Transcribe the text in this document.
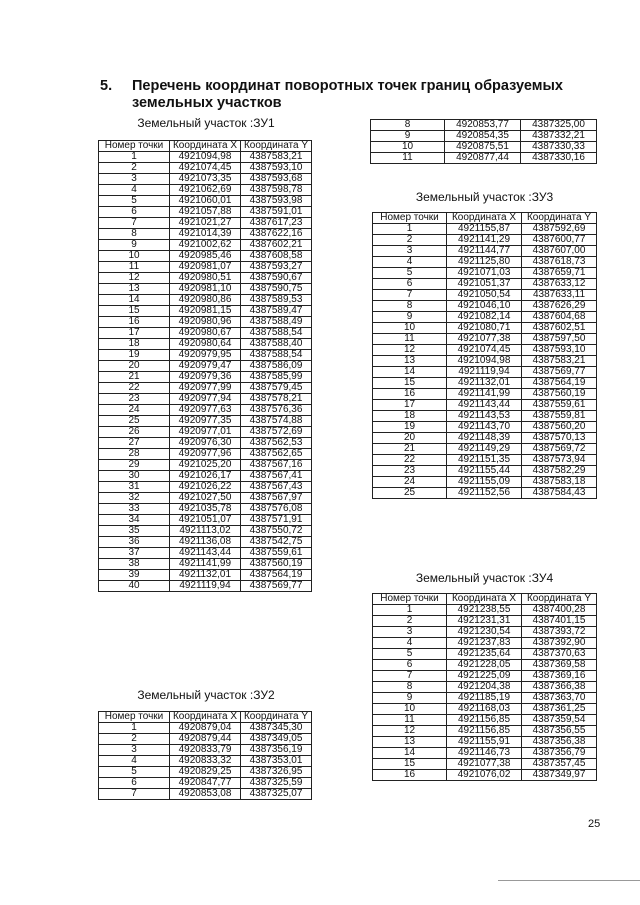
5. Перечень координат поворотных точек границ образуемых
земельных участков
Земельный участок :ЗУ1
Номер точки	Координата X	Координата Y
1	4921094,98	4387583,21
2	4921074,45	4387593,10
3	4921073,35	4387593,68
4	4921062,69	4387598,78
5	4921060,01	4387593,98
6	4921057,88	4387591,01
7	4921021,27	4387617,23
8	4921014,39	4387622,16
9	4921002,62	4387602,21
10	4920985,46	4387608,58
11	4920981,07	4387593,27
12	4920980,51	4387590,67
13	4920981,10	4387590,75
14	4920980,86	4387589,53
15	4920981,15	4387589,47
16	4920980,96	4387588,49
17	4920980,67	4387588,54
18	4920980,64	4387588,40
19	4920979,95	4387588,54
20	4920979,47	4387586,09
21	4920979,36	4387585,99
22	4920977,99	4387579,45
23	4920977,94	4387578,21
24	4920977,63	4387576,36
25	4920977,35	4387574,88
26	4920977,01	4387572,69
27	4920976,30	4387562,53
28	4920977,96	4387562,65
29	4921025,20	4387567,16
30	4921026,17	4387567,41
31	4921026,22	4387567,43
32	4921027,50	4387567,97
33	4921035,78	4387576,08
34	4921051,07	4387571,91
35	4921113,02	4387550,72
36	4921136,08	4387542,75
37	4921143,44	4387559,61
38	4921141,99	4387560,19
39	4921132,01	4387564,19
40	4921119,94	4387569,77
Земельный участок :ЗУ2
Номер точки	Координата X	Координата Y
1	4920879,04	4387345,30
2	4920879,44	4387349,05
3	4920833,79	4387356,19
4	4920833,32	4387353,01
5	4920829,25	4387326,95
6	4920847,77	4387325,59
7	4920853,08	4387325,07
8	4920853,77	4387325,00
9	4920854,35	4387332,21
10	4920875,51	4387330,33
11	4920877,44	4387330,16
Земельный участок :ЗУ3
Номер точки	Координата X	Координата Y
1	4921155,87	4387592,69
2	4921141,29	4387600,77
3	4921144,77	4387607,00
4	4921125,80	4387618,73
5	4921071,03	4387659,71
6	4921051,37	4387633,12
7	4921050,54	4387633,11
8	4921046,10	4387626,29
9	4921082,14	4387604,68
10	4921080,71	4387602,51
11	4921077,38	4387597,50
12	4921074,45	4387593,10
13	4921094,98	4387583,21
14	4921119,94	4387569,77
15	4921132,01	4387564,19
16	4921141,99	4387560,19
17	4921143,44	4387559,61
18	4921143,53	4387559,81
19	4921143,70	4387560,20
20	4921148,39	4387570,13
21	4921149,29	4387569,72
22	4921151,35	4387573,94
23	4921155,44	4387582,29
24	4921155,09	4387583,18
25	4921152,56	4387584,43
Земельный участок :ЗУ4
Номер точки	Координата X	Координата Y
1	4921238,55	4387400,28
2	4921231,31	4387401,15
3	4921230,54	4387393,72
4	4921237,83	4387392,90
5	4921235,64	4387370,63
6	4921228,05	4387369,58
7	4921225,09	4387369,16
8	4921204,38	4387366,38
9	4921185,19	4387363,70
10	4921168,03	4387361,25
11	4921156,85	4387359,54
12	4921156,85	4387356,55
13	4921155,91	4387356,38
14	4921146,73	4387356,79
15	4921077,38	4387357,45
16	4921076,02	4387349,97
25
